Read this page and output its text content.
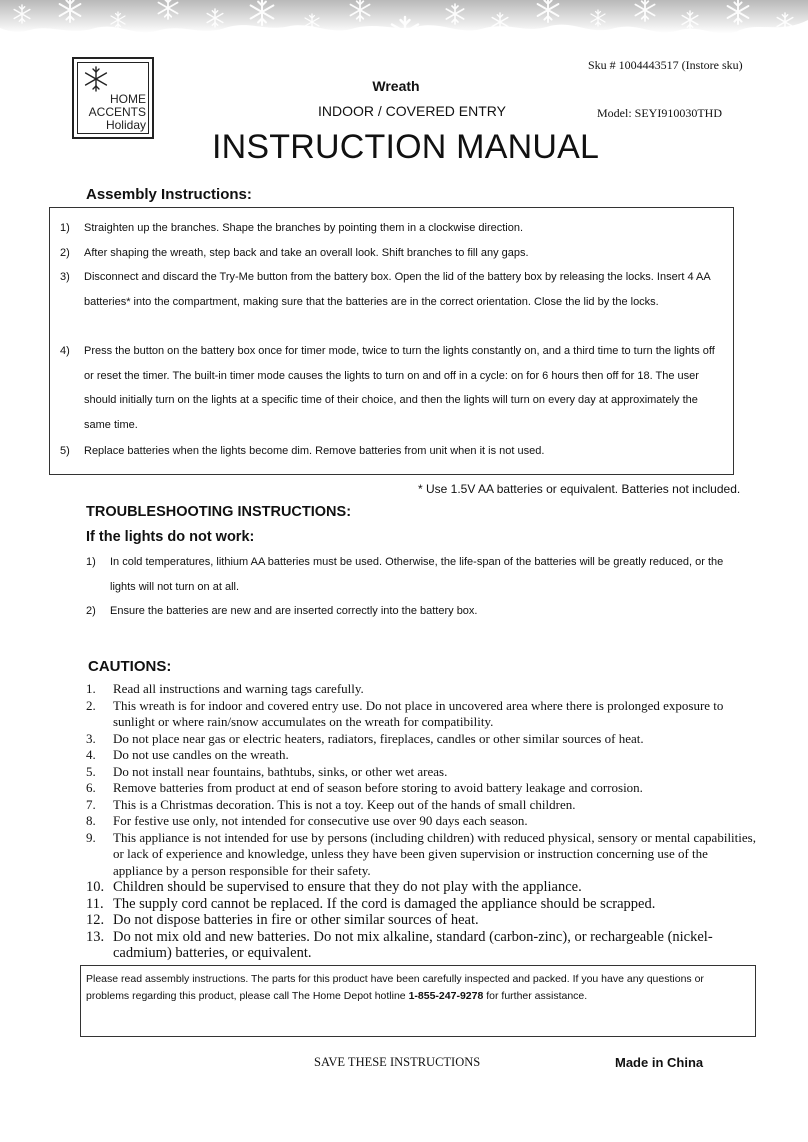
HOME
ACCENTS
Holiday
Sku # 1004443517 (Instore sku)
Wreath
INDOOR / COVERED ENTRY	Model: SEYI910030THD
INSTRUCTION MANUAL
Assembly Instructions:
1) Straighten up the branches. Shape the branches by pointing them in a clockwise direction.
2) After shaping the wreath, step back and take an overall look. Shift branches to fill any gaps.
3) Disconnect and discard the Try-Me button from the battery box. Open the lid of the battery box by releasing the locks. Insert 4 AA batteries* into the compartment, making sure that the batteries are in the correct orientation. Close the lid by the locks.
4) Press the button on the battery box once for timer mode, twice to turn the lights constantly on, and a third time to turn the lights off or reset the timer. The built-in timer mode causes the lights to turn on and off in a cycle: on for 6 hours then off for 18. The user should initially turn on the lights at a specific time of their choice, and then the lights will turn on every day at approximately the same time.
5) Replace batteries when the lights become dim. Remove batteries from unit when it is not used.
* Use 1.5V AA batteries or equivalent. Batteries not included.
TROUBLESHOOTING INSTRUCTIONS:
If the lights do not work:
1) In cold temperatures, lithium AA batteries must be used. Otherwise, the life-span of the batteries will be greatly reduced, or the lights will not turn on at all.
2) Ensure the batteries are new and are inserted correctly into the battery box.
CAUTIONS:
1. Read all instructions and warning tags carefully.
2. This wreath is for indoor and covered entry use. Do not place in uncovered area where there is prolonged exposure to sunlight or where rain/snow accumulates on the wreath for compatibility.
3. Do not place near gas or electric heaters, radiators, fireplaces, candles or other similar sources of heat.
4. Do not use candles on the wreath.
5. Do not install near fountains, bathtubs, sinks, or other wet areas.
6. Remove batteries from product at end of season before storing to avoid battery leakage and corrosion.
7. This is a Christmas decoration. This is not a toy. Keep out of the hands of small children.
8. For festive use only, not intended for consecutive use over 90 days each season.
9. This appliance is not intended for use by persons (including children) with reduced physical, sensory or mental capabilities, or lack of experience and knowledge, unless they have been given supervision or instruction concerning use of the appliance by a person responsible for their safety.
10. Children should be supervised to ensure that they do not play with the appliance.
11. The supply cord cannot be replaced. If the cord is damaged the appliance should be scrapped.
12. Do not dispose batteries in fire or other similar sources of heat.
13. Do not mix old and new batteries. Do not mix alkaline, standard (carbon-zinc), or rechargeable (nickel-cadmium) batteries, or equivalent.
Please read assembly instructions. The parts for this product have been carefully inspected and packed. If you have any questions or problems regarding this product, please call The Home Depot hotline 1-855-247-9278 for further assistance.
SAVE THESE INSTRUCTIONS	Made in China
